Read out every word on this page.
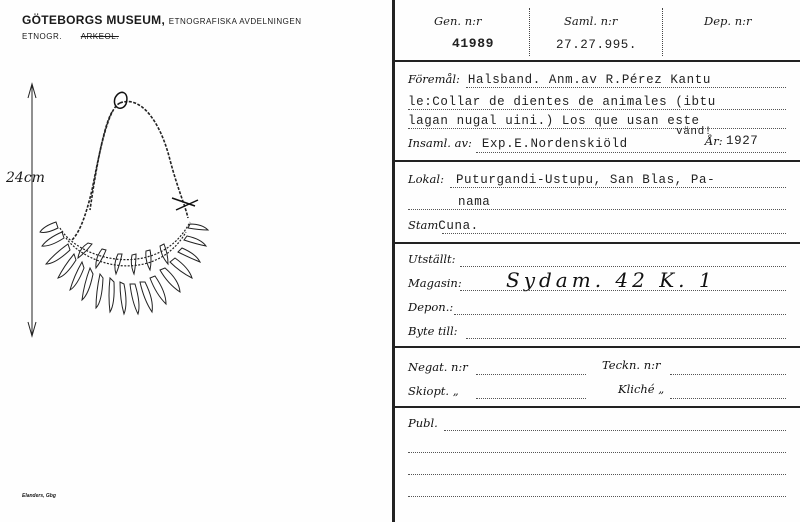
GÖTEBORGS MUSEUM, ETNOGRAFISKA AVDELNINGEN
ETNOGR. ARKEOL.
24cm
Elanders, Gbg
Gen. n:r
41989
Saml. n:r
27.27.995.
Dep. n:r
Föremål: Halsband. Anm.av R.Pérez Kantu
le:Collar de dientes de animales (ibtu
lagan nugal uini.) Los que usan este
Insaml. av: Exp.E.Nordenskiöld
vänd!
År: 1927
Lokal: Puturgandi-Ustupu, San Blas, Pa-
nama
StamCuna.
Utställt:
Magasin: Sydam. 42 K. 1
Depon.:
Byte till:
Negat. n:r	Teckn. n:r
Skiopt. „	Kliché „
Publ.
